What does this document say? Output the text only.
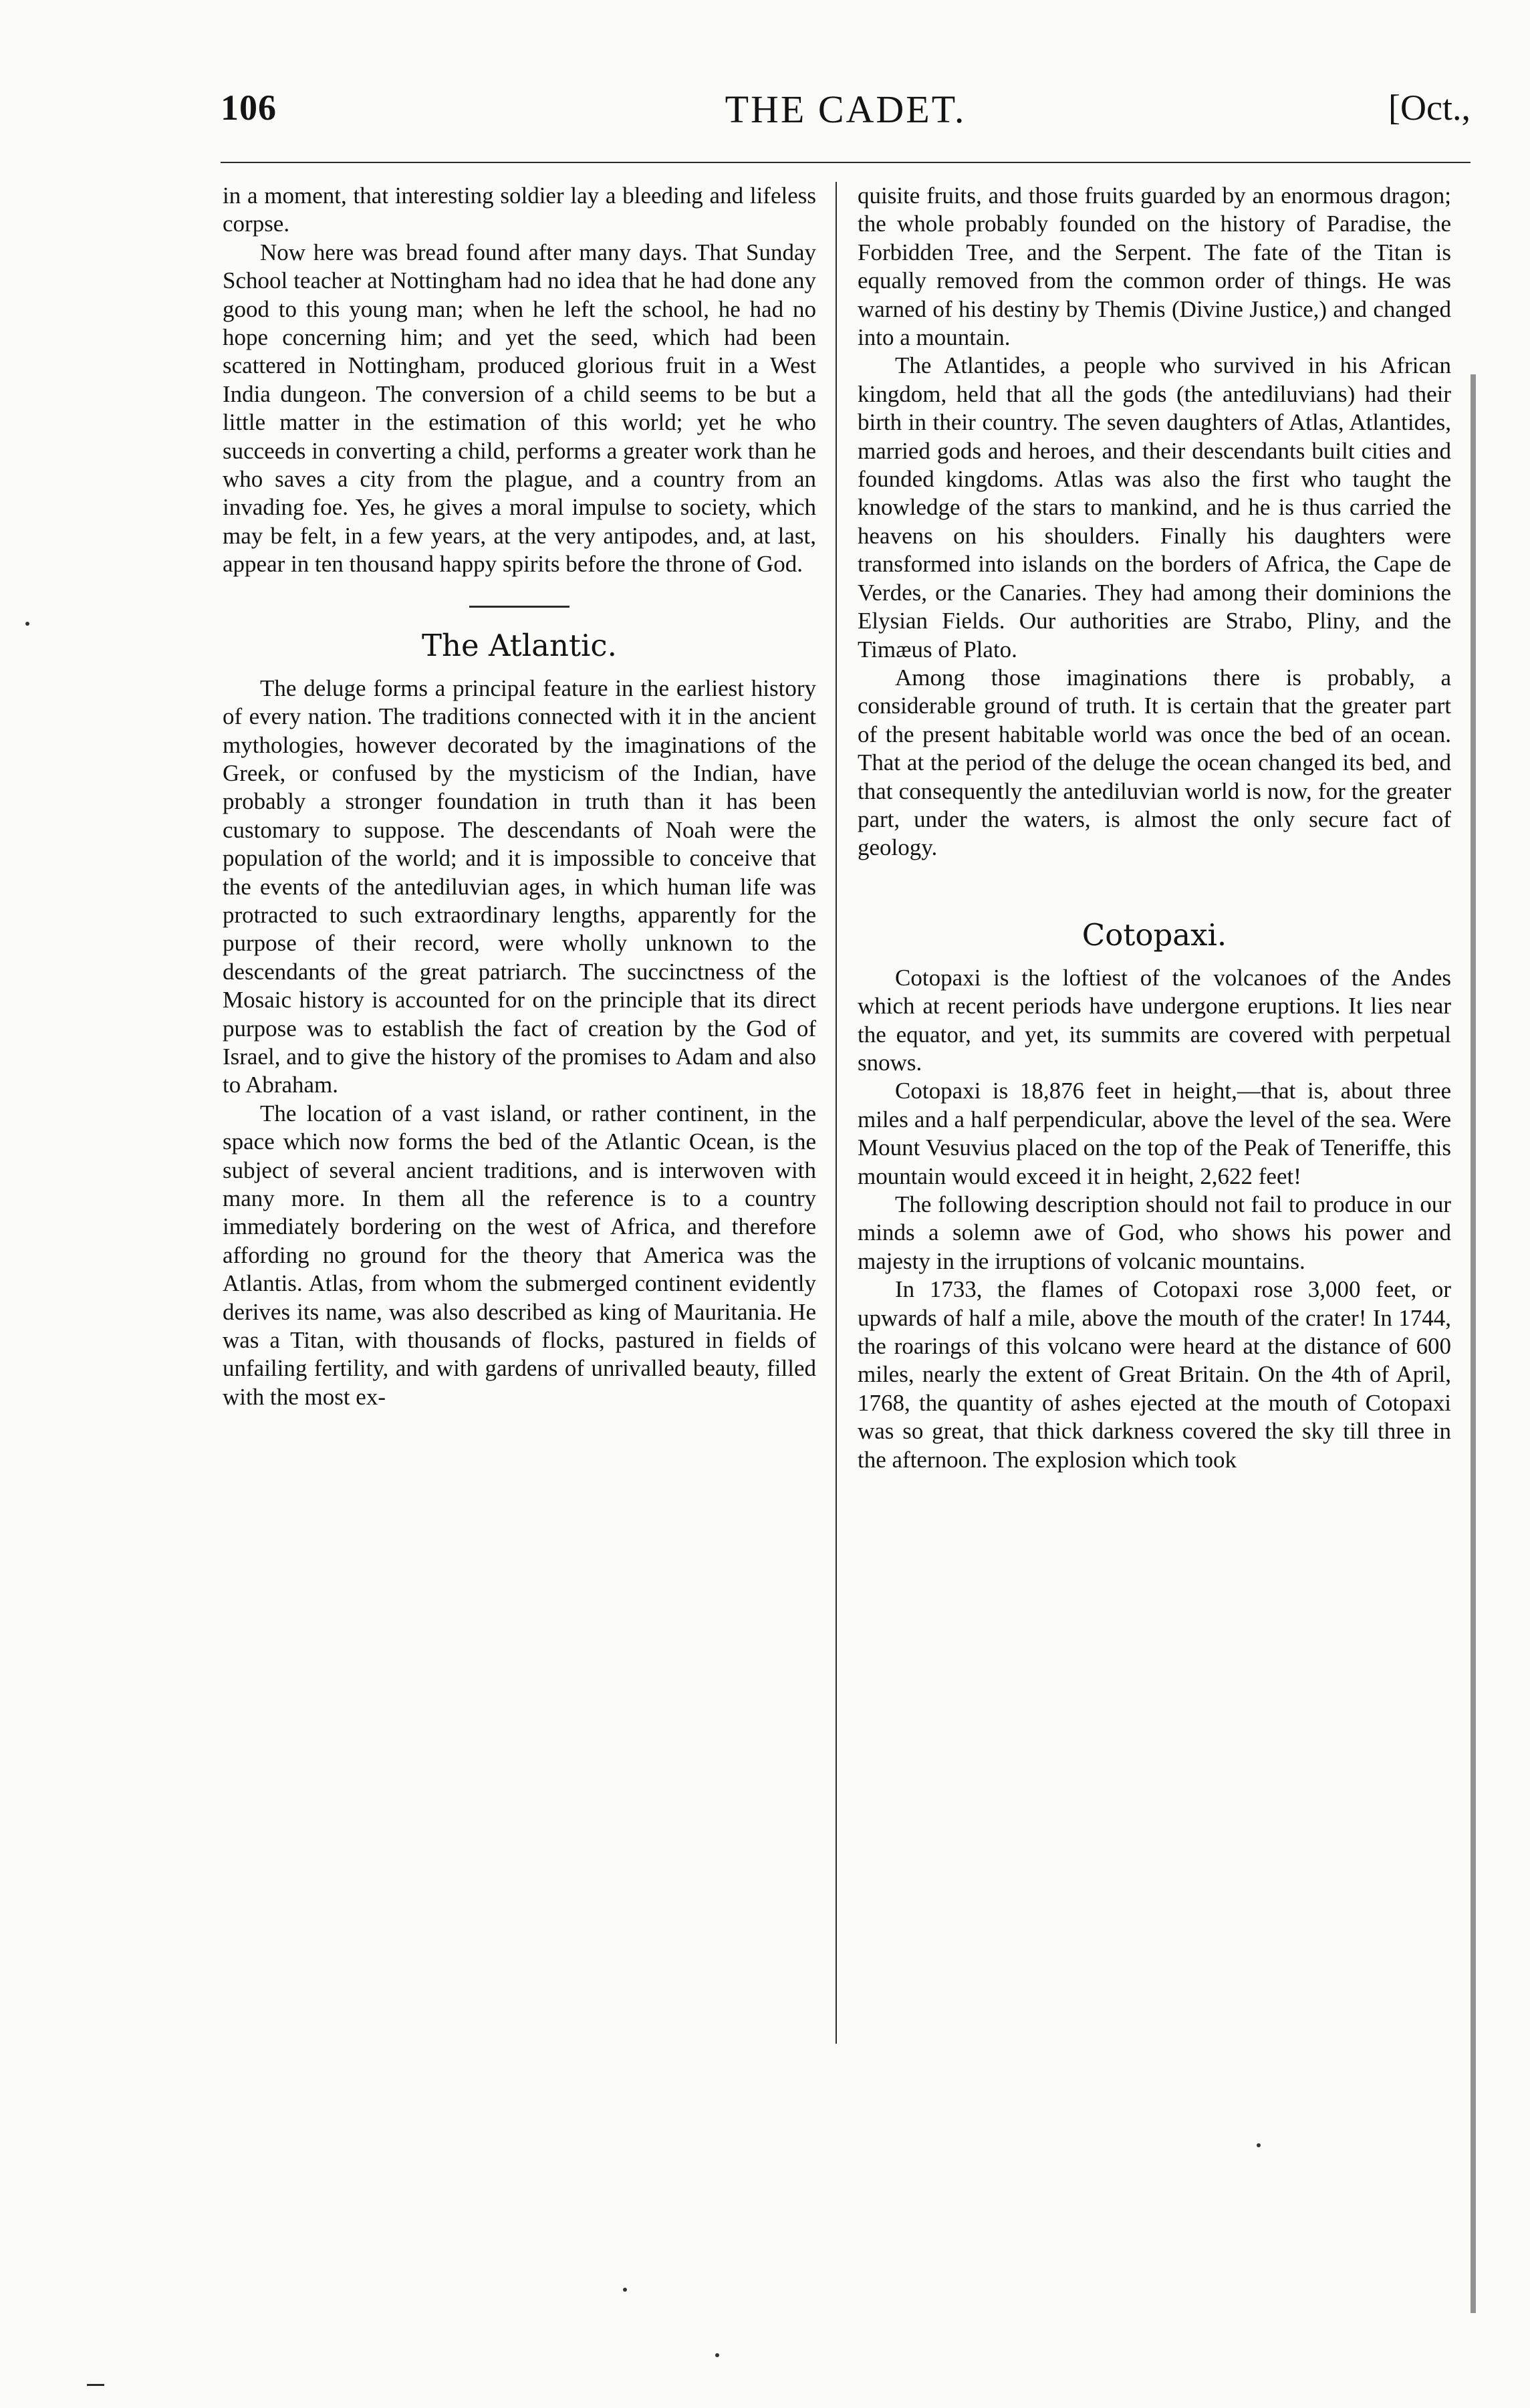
106	THE CADET.	[Oct.,

in a moment, that interesting soldier lay a bleeding and lifeless corpse.

Now here was bread found after many days. That Sunday School teacher at Nottingham had no idea that he had done any good to this young man; when he left the school, he had no hope concerning him; and yet the seed, which had been scattered in Nottingham, produced glorious fruit in a West India dungeon. The conversion of a child seems to be but a little matter in the estimation of this world; yet he who succeeds in converting a child, performs a greater work than he who saves a city from the plague, and a country from an invading foe. Yes, he gives a moral impulse to society, which may be felt, in a few years, at the very antipodes, and, at last, appear in ten thousand happy spirits before the throne of God.

The Atlantic.

The deluge forms a principal feature in the earliest history of every nation. The traditions connected with it in the ancient mythologies, however decorated by the imaginations of the Greek, or confused by the mysticism of the Indian, have probably a stronger foundation in truth than it has been customary to suppose. The descendants of Noah were the population of the world; and it is impossible to conceive that the events of the antediluvian ages, in which human life was protracted to such extraordinary lengths, apparently for the purpose of their record, were wholly unknown to the descendants of the great patriarch. The succinctness of the Mosaic history is accounted for on the principle that its direct purpose was to establish the fact of creation by the God of Israel, and to give the history of the promises to Adam and also to Abraham.

The location of a vast island, or rather continent, in the space which now forms the bed of the Atlantic Ocean, is the subject of several ancient traditions, and is interwoven with many more. In them all the reference is to a country immediately bordering on the west of Africa, and therefore affording no ground for the theory that America was the Atlantis. Atlas, from whom the submerged continent evidently derives its name, was also described as king of Mauritania. He was a Titan, with thousands of flocks, pastured in fields of unfailing fertility, and with gardens of unrivalled beauty, filled with the most ex-

quisite fruits, and those fruits guarded by an enormous dragon; the whole probably founded on the history of Paradise, the Forbidden Tree, and the Serpent. The fate of the Titan is equally removed from the common order of things. He was warned of his destiny by Themis (Divine Justice,) and changed into a mountain.

The Atlantides, a people who survived in his African kingdom, held that all the gods (the antediluvians) had their birth in their country. The seven daughters of Atlas, Atlantides, married gods and heroes, and their descendants built cities and founded kingdoms. Atlas was also the first who taught the knowledge of the stars to mankind, and he is thus carried the heavens on his shoulders. Finally his daughters were transformed into islands on the borders of Africa, the Cape de Verdes, or the Canaries. They had among their dominions the Elysian Fields. Our authorities are Strabo, Pliny, and the Timæus of Plato.

Among those imaginations there is probably, a considerable ground of truth. It is certain that the greater part of the present habitable world was once the bed of an ocean. That at the period of the deluge the ocean changed its bed, and that consequently the antediluvian world is now, for the greater part, under the waters, is almost the only secure fact of geology.

Cotopaxi.

Cotopaxi is the loftiest of the volcanoes of the Andes which at recent periods have undergone eruptions. It lies near the equator, and yet, its summits are covered with perpetual snows.

Cotopaxi is 18,876 feet in height,—that is, about three miles and a half perpendicular, above the level of the sea. Were Mount Vesuvius placed on the top of the Peak of Teneriffe, this mountain would exceed it in height, 2,622 feet!

The following description should not fail to produce in our minds a solemn awe of God, who shows his power and majesty in the irruptions of volcanic mountains.

In 1733, the flames of Cotopaxi rose 3,000 feet, or upwards of half a mile, above the mouth of the crater! In 1744, the roarings of this volcano were heard at the distance of 600 miles, nearly the extent of Great Britain. On the 4th of April, 1768, the quantity of ashes ejected at the mouth of Cotopaxi was so great, that thick darkness covered the sky till three in the afternoon. The explosion which took
